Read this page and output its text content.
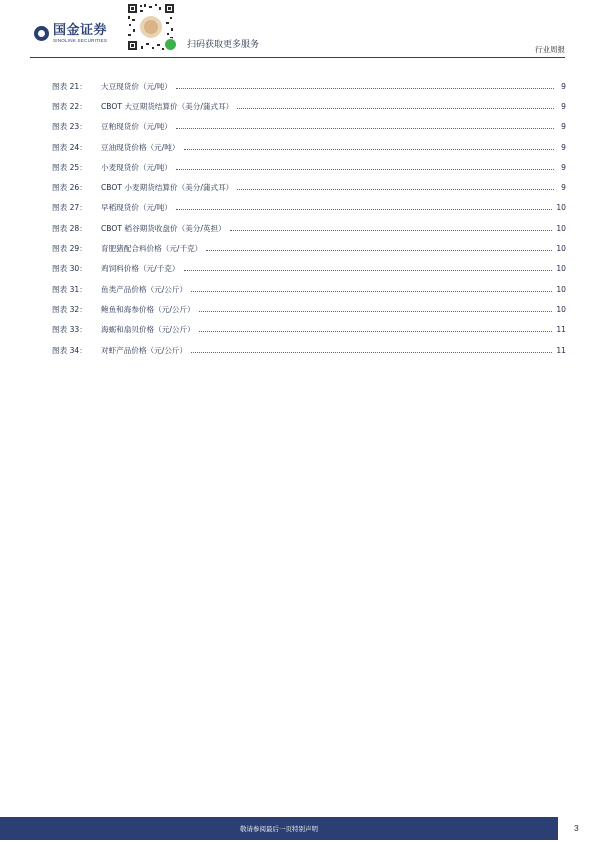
国金证券
SINOLINK SECURITIES	扫码获取更多服务	行业周报
图表 21： 大豆现货价（元/吨）	9
图表 22： CBOT 大豆期货结算价（美分/蒲式耳）	9
图表 23： 豆粕现货价（元/吨）	9
图表 24： 豆油现货价格（元/吨）	9
图表 25： 小麦现货价（元/吨）	9
图表 26： CBOT 小麦期货结算价（美分/蒲式耳）	9
图表 27： 早稻现货价（元/吨）	10
图表 28： CBOT 稻谷期货收盘价（美分/英担）	10
图表 29： 育肥猪配合料价格（元/千克）	10
图表 30： 鸡饲料价格（元/千克）	10
图表 31： 鱼类产品价格（元/公斤）	10
图表 32： 鲍鱼和海参价格（元/公斤）	10
图表 33： 海蛎和扇贝价格（元/公斤）	11
图表 34： 对虾产品价格（元/公斤）	11
敬请参阅最后一页特别声明	3
